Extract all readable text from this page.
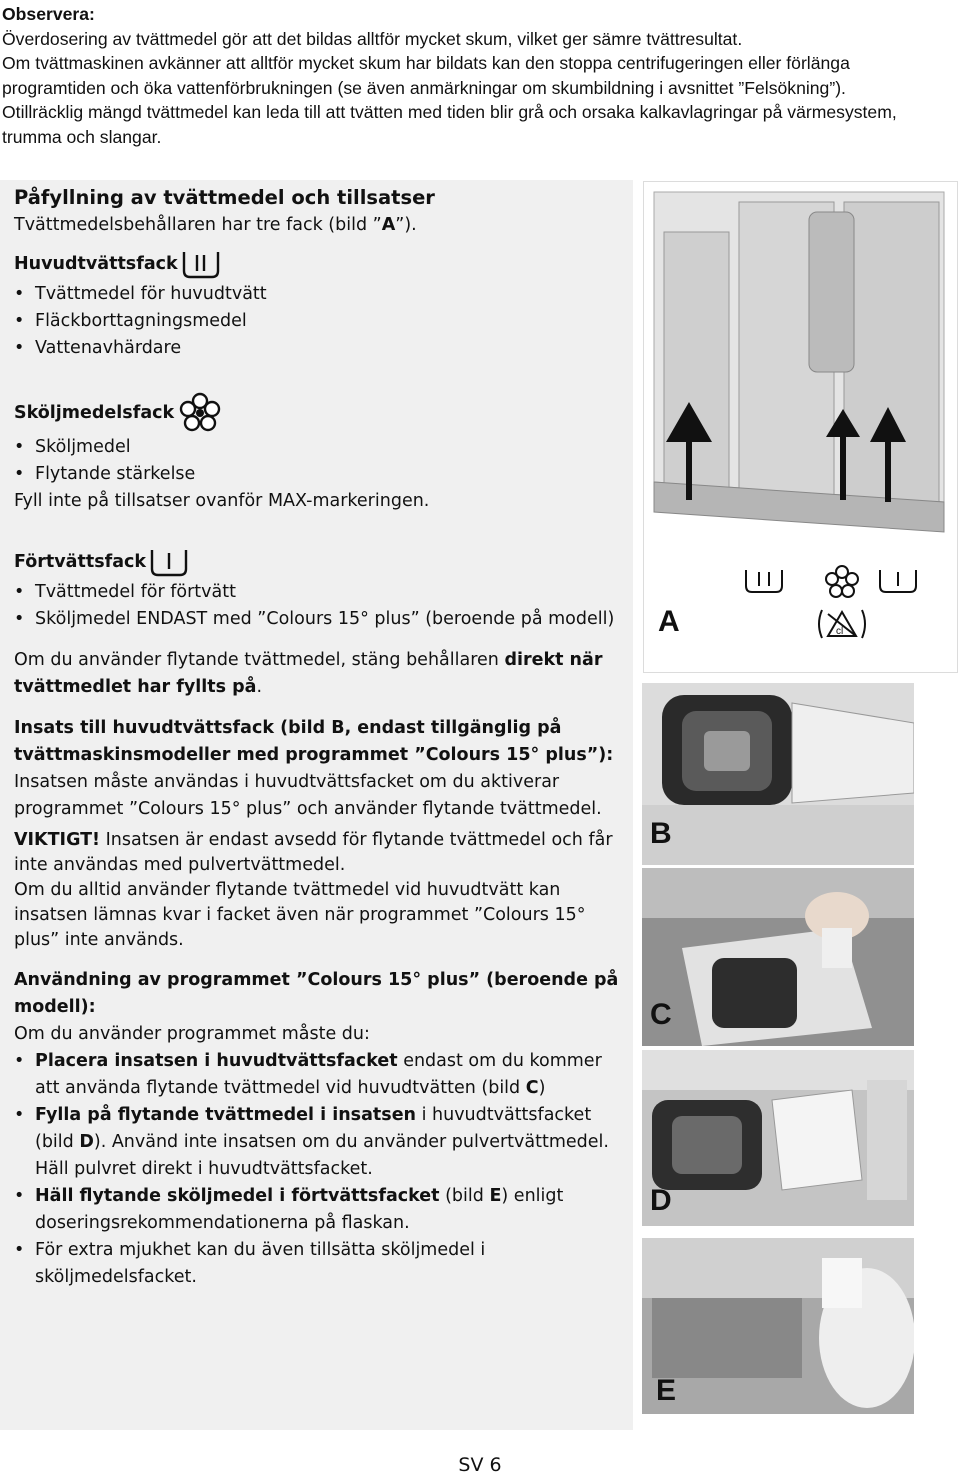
Observera:

Överdosering av tvättmedel gör att det bildas alltför mycket skum, vilket ger sämre tvättresultat.

Om tvättmaskinen avkänner att alltför mycket skum har bildats kan den stoppa centrifugeringen eller förlänga programtiden och öka vattenförbrukningen (se även anmärkningar om skumbildning i avsnittet ”Felsökning”).

Otillräcklig mängd tvättmedel kan leda till att tvätten med tiden blir grå och orsaka kalkavlagringar på värmesystem, trumma och slangar.

Påfyllning av tvättmedel och tillsatser

Tvättmedelsbehållaren har tre fack (bild ”A”).

Huvudtvättsfack
• Tvättmedel för huvudtvätt
• Fläckborttagningsmedel
• Vattenavhärdare
Sköljmedelsfack
• Sköljmedel
• Flytande stärkelse

Fyll inte på tillsatser ovanför MAX-markeringen.

Förtvättsfack
• Tvättmedel för förtvätt
• Sköljmedel ENDAST med ”Colours 15° plus” (beroende på modell)

Om du använder flytande tvättmedel, stäng behållaren direkt när tvättmedlet har fyllts på.

Insats till huvudtvättsfack (bild B, endast tillgänglig på tvättmaskinsmodeller med programmet ”Colours 15° plus”):

Insatsen måste användas i huvudtvättsfacket om du aktiverar programmet ”Colours 15° plus” och använder flytande tvättmedel.

VIKTIGT! Insatsen är endast avsedd för flytande tvättmedel och får inte användas med pulvertvättmedel.

Om du alltid använder flytande tvättmedel vid huvudtvätt kan insatsen lämnas kvar i facket även när programmet ”Colours 15° plus” inte används.

Användning av programmet ”Colours 15° plus” (beroende på modell):

Om du använder programmet måste du:

• Placera insatsen i huvudtvättsfacket endast om du kommer att använda flytande tvättmedel vid huvudtvätten (bild C)
• Fylla på flytande tvättmedel i insatsen i huvudtvättsfacket (bild D). Använd inte insatsen om du använder pulvertvättmedel. Häll pulvret direkt i huvudtvättsfacket.
• Häll flytande sköljmedel i förtvättsfacket (bild E) enligt doseringsrekommendationerna på flaskan.
• För extra mjukhet kan du även tillsätta sköljmedel i sköljmedelsfacket.
cl
A
B
C
D
E
SV 6
